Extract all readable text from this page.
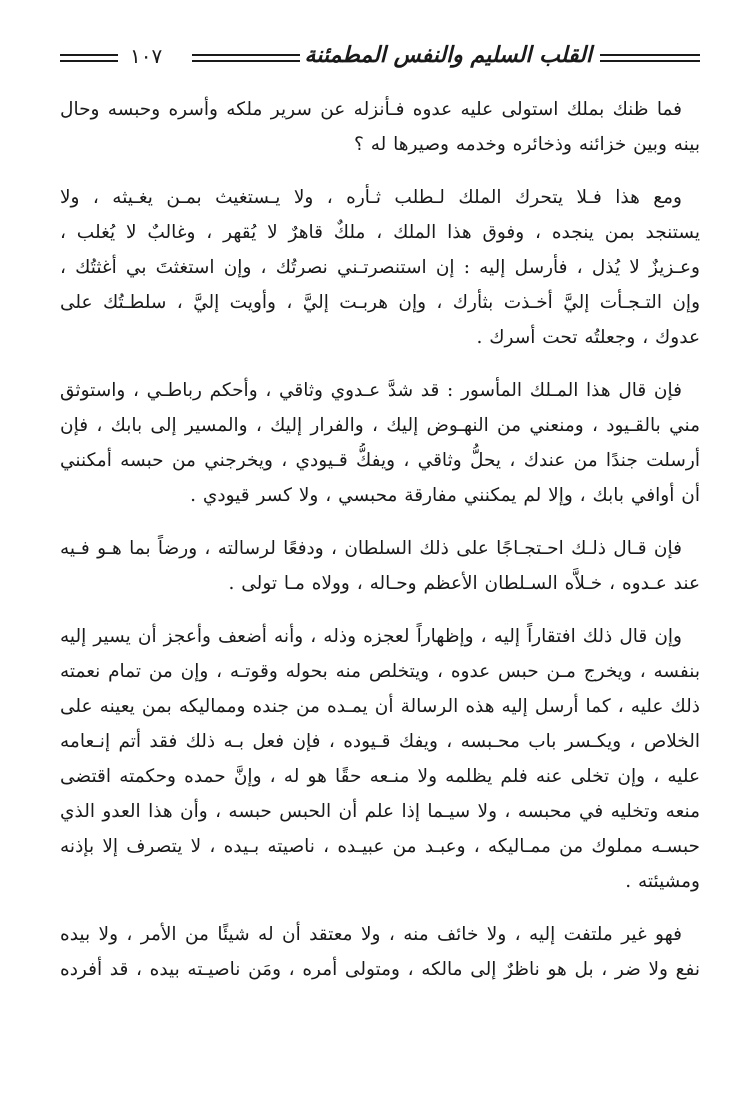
القلب السليم والنفس المطمئنة
١٠٧

فما ظنك بملك استولى عليه عدوه فـأنزله عن سرير ملكه وأسره وحبسه وحال
بينه وبين خزائنه وذخائره وخدمه وصيرها له ؟

ومع هذا فـلا يتحرك الملك لـطلب ثـأره ، ولا يـستغيث بمـن يغـيثه ، ولا
يستنجد بمن ينجده ، وفوق هذا الملك ، ملكٌ قاهرٌ لا يُقهر ، وغالبٌ لا يُغلب ،
وعـزيزٌ لا يُذل ، فأرسل إليه : إن استنصرتـني نصرتُك ، وإن استغثتَ بي أغثتُك ،
وإن التـجـأت إليَّ أخـذت بثأرك ، وإن هربـت إليَّ ، وأويت إليَّ ، سلطـتُك على
عدوك ، وجعلتُه تحت أسرك .

فإن قال هذا المـلك المأسور : قد شدَّ عـدوي وثاقي ، وأحكم رباطـي ، واستوثق
مني بالقـيود ، ومنعني من النهـوض إليك ، والفرار إليك ، والمسير إلى بابك ، فإن
أرسلت جندًا من عندك ، يحلُّ وثاقي ، ويفكُّ قـيودي ، ويخرجني من حبسه أمكنني
أن أوافي بابك ، وإلا لم يمكنني مفارقة محبسي ، ولا كسر قيودي .

فإن قـال ذلـك احـتجـاجًا على ذلك السلطان ، ودفعًا لرسالته ، ورضاً بما هـو فـيه
عند عـدوه ، خـلاَّه السـلطان الأعظم وحـاله ، وولاه مـا تولى .

وإن قال ذلك افتقاراً إليه ، وإظهاراً لعجزه وذله ، وأنه أضعف وأعجز أن يسير إليه
بنفسه ، ويخرج مـن حبس عدوه ، ويتخلص منه بحوله وقوتـه ، وإن من تمام نعمته
ذلك عليه ، كما أرسل إليه هذه الرسالة أن يمـده من جنده ومماليكه بمن يعينه على
الخلاص ، ويكـسر باب محـبسه ، ويفك قـيوده ، فإن فعل بـه ذلك فقد أتم إنـعامه
عليه ، وإن تخلى عنه فلم يظلمه ولا منـعه حقًا هو له ، وإنَّ حمده وحكمته اقتضى
منعه وتخليه في محبسه ، ولا سيـما إذا علم أن الحبس حبسه ، وأن هذا العدو الذي
حبسـه مملوك من ممـاليكه ، وعبـد من عبيـده ، ناصيته بـيده ، لا يتصرف إلا بإذنه
ومشيئته .

فهو غير ملتفت إليه ، ولا خائف منه ، ولا معتقد أن له شيئًا من الأمر ، ولا بيده
نفع ولا ضر ، بل هو ناظرٌ إلى مالكه ، ومتولى أمره ، ومَن ناصيـته بيده ، قد أفرده
